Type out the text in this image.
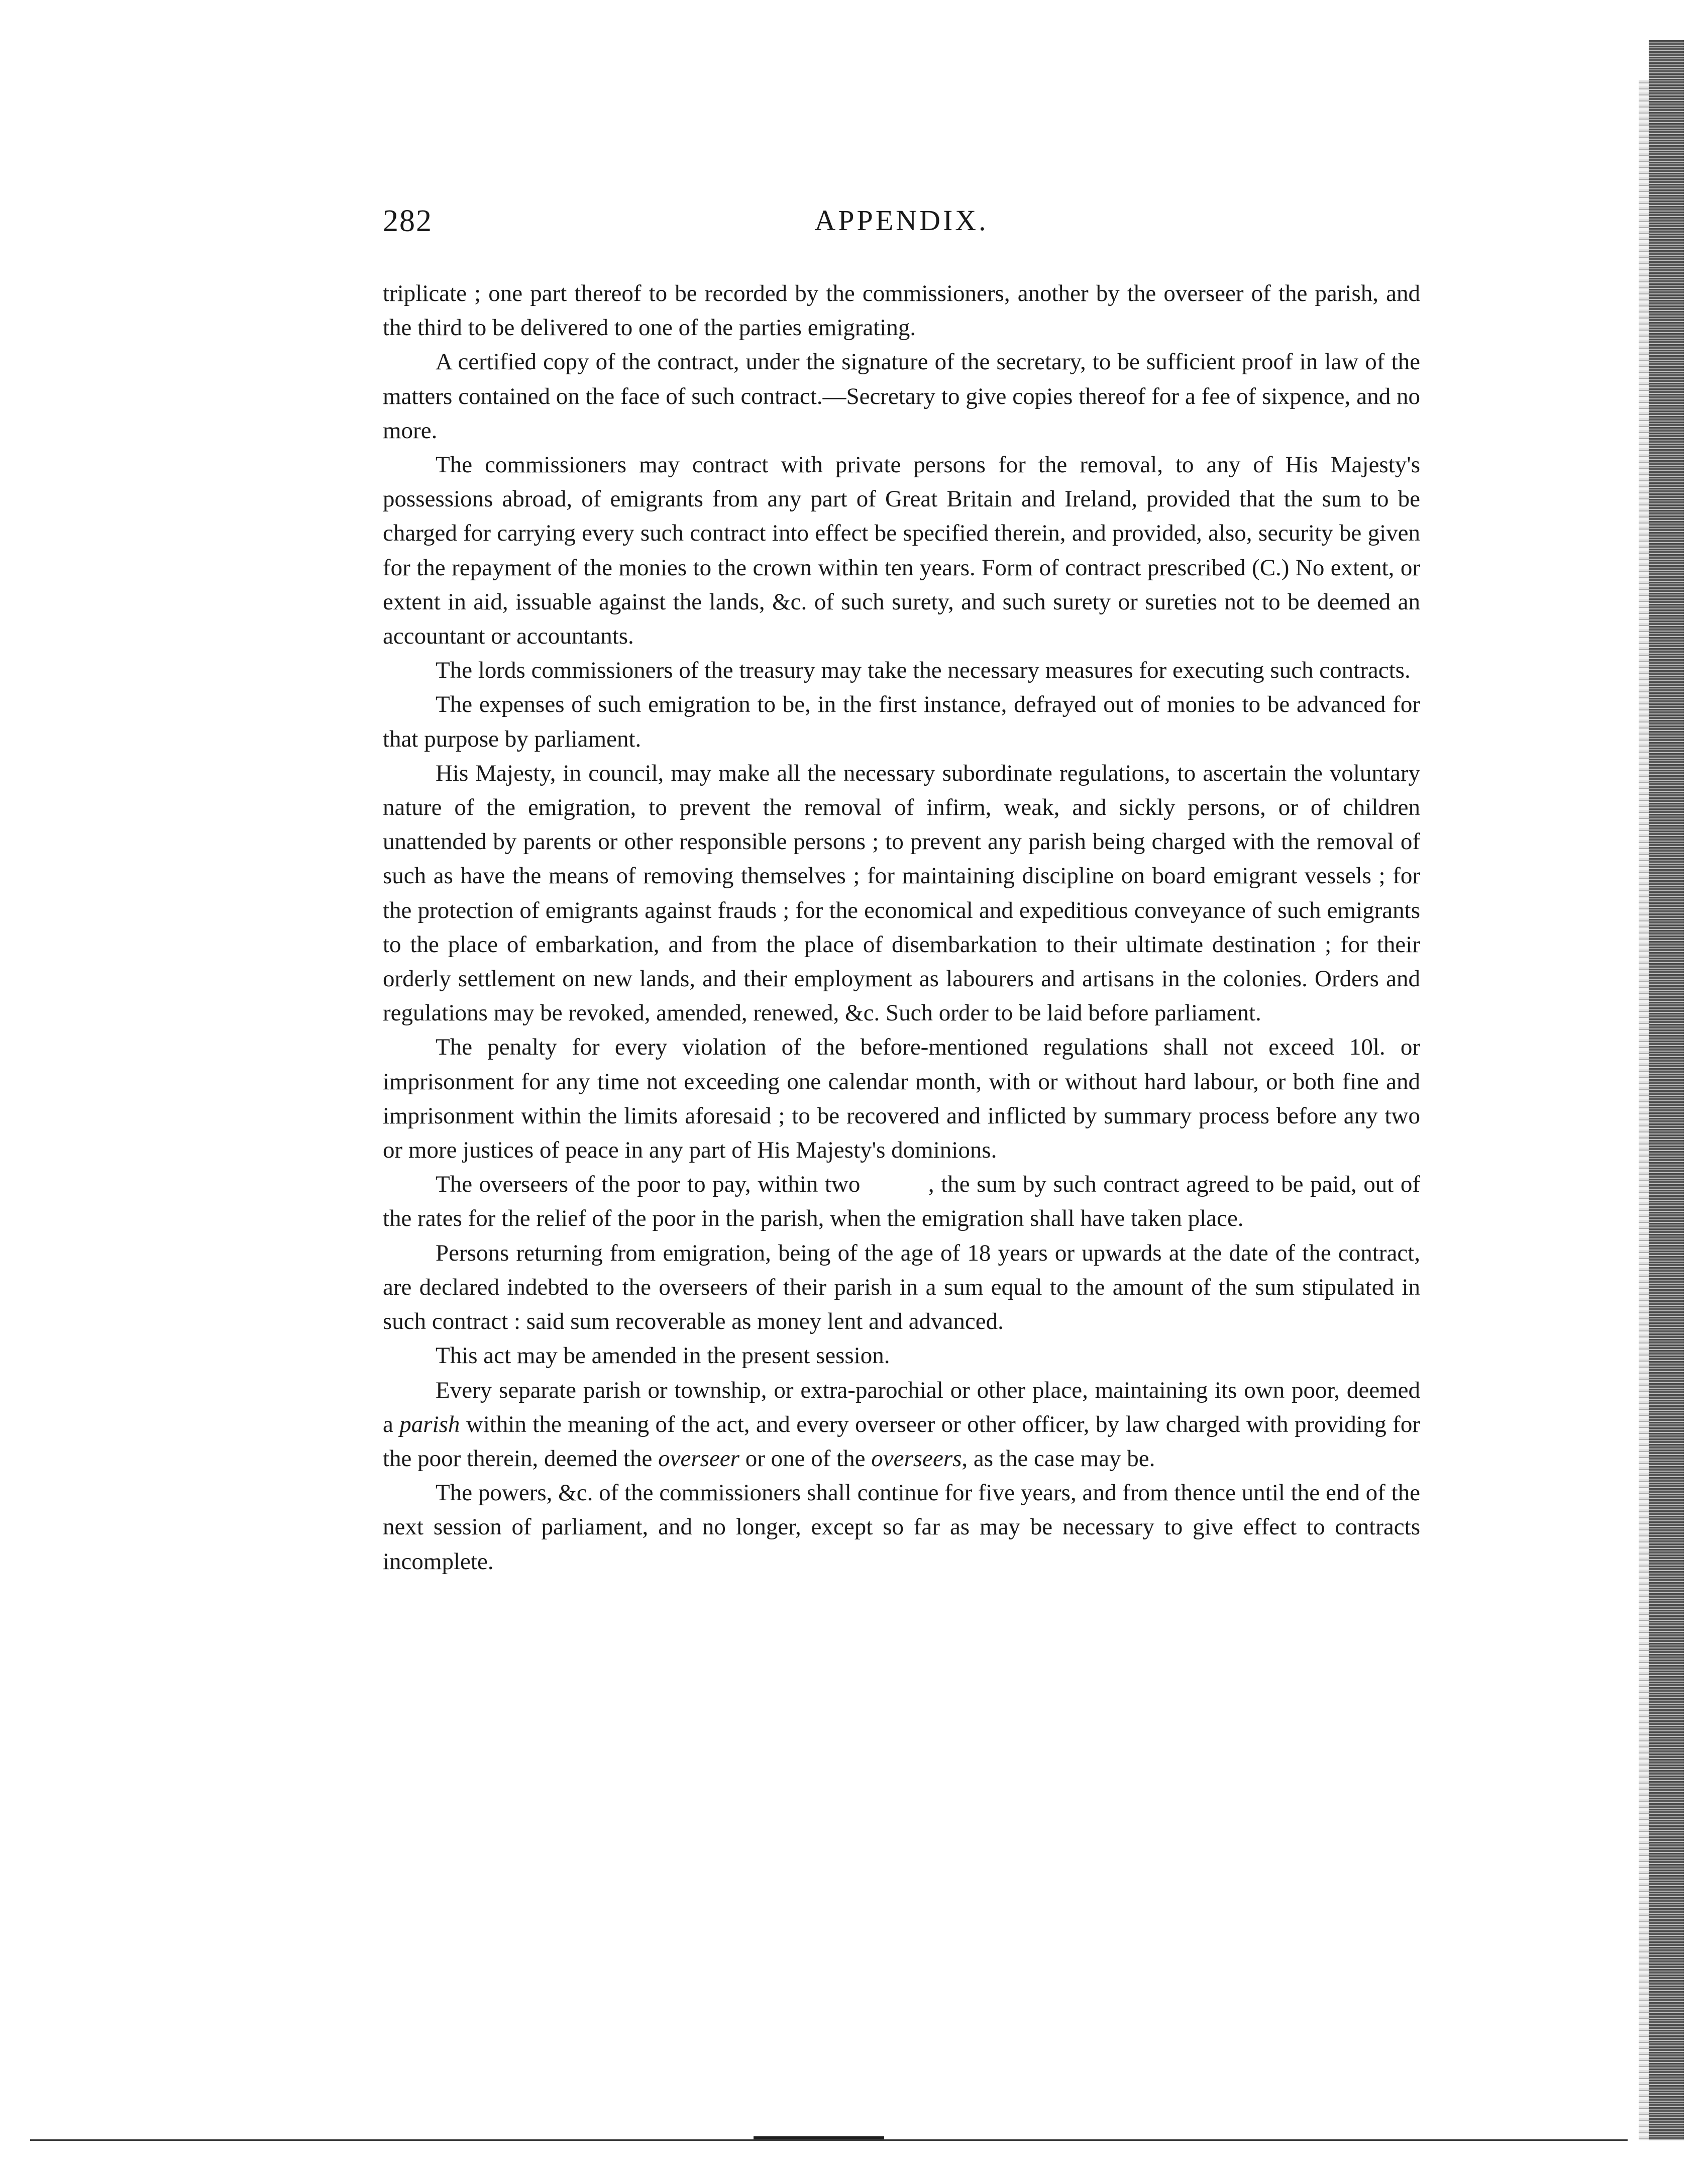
282	APPENDIX.

triplicate ; one part thereof to be recorded by the commissioners, another by the overseer of the parish, and the third to be delivered to one of the parties emigrating.

A certified copy of the contract, under the signature of the secretary, to be sufficient proof in law of the matters contained on the face of such contract.—Secretary to give copies thereof for a fee of sixpence, and no more.

The commissioners may contract with private persons for the removal, to any of His Majesty's possessions abroad, of emigrants from any part of Great Britain and Ireland, provided that the sum to be charged for carrying every such contract into effect be specified therein, and provided, also, security be given for the repayment of the monies to the crown within ten years. Form of contract prescribed (C.) No extent, or extent in aid, issuable against the lands, &c. of such surety, and such surety or sureties not to be deemed an accountant or accountants.

The lords commissioners of the treasury may take the necessary measures for executing such contracts.

The expenses of such emigration to be, in the first instance, defrayed out of monies to be advanced for that purpose by parliament.

His Majesty, in council, may make all the necessary subordinate regulations, to ascertain the voluntary nature of the emigration, to prevent the removal of infirm, weak, and sickly persons, or of children unattended by parents or other responsible persons ; to prevent any parish being charged with the removal of such as have the means of removing themselves ; for maintaining discipline on board emigrant vessels ; for the protection of emigrants against frauds ; for the economical and expeditious conveyance of such emigrants to the place of embarkation, and from the place of disembarkation to their ultimate destination ; for their orderly settlement on new lands, and their employment as labourers and artisans in the colonies. Orders and regulations may be revoked, amended, renewed, &c. Such order to be laid before parliament.

The penalty for every violation of the before-mentioned regulations shall not exceed 10l. or imprisonment for any time not exceeding one calendar month, with or without hard labour, or both fine and imprisonment within the limits aforesaid ; to be recovered and inflicted by summary process before any two or more justices of peace in any part of His Majesty's dominions.

The overseers of the poor to pay, within two          , the sum by such contract agreed to be paid, out of the rates for the relief of the poor in the parish, when the emigration shall have taken place.

Persons returning from emigration, being of the age of 18 years or upwards at the date of the contract, are declared indebted to the overseers of their parish in a sum equal to the amount of the sum stipulated in such contract : said sum recoverable as money lent and advanced.

This act may be amended in the present session.

Every separate parish or township, or extra-parochial or other place, maintaining its own poor, deemed a parish within the meaning of the act, and every overseer or other officer, by law charged with providing for the poor therein, deemed the overseer or one of the overseers, as the case may be.

The powers, &c. of the commissioners shall continue for five years, and from thence until the end of the next session of parliament, and no longer, except so far as may be necessary to give effect to contracts incomplete.
